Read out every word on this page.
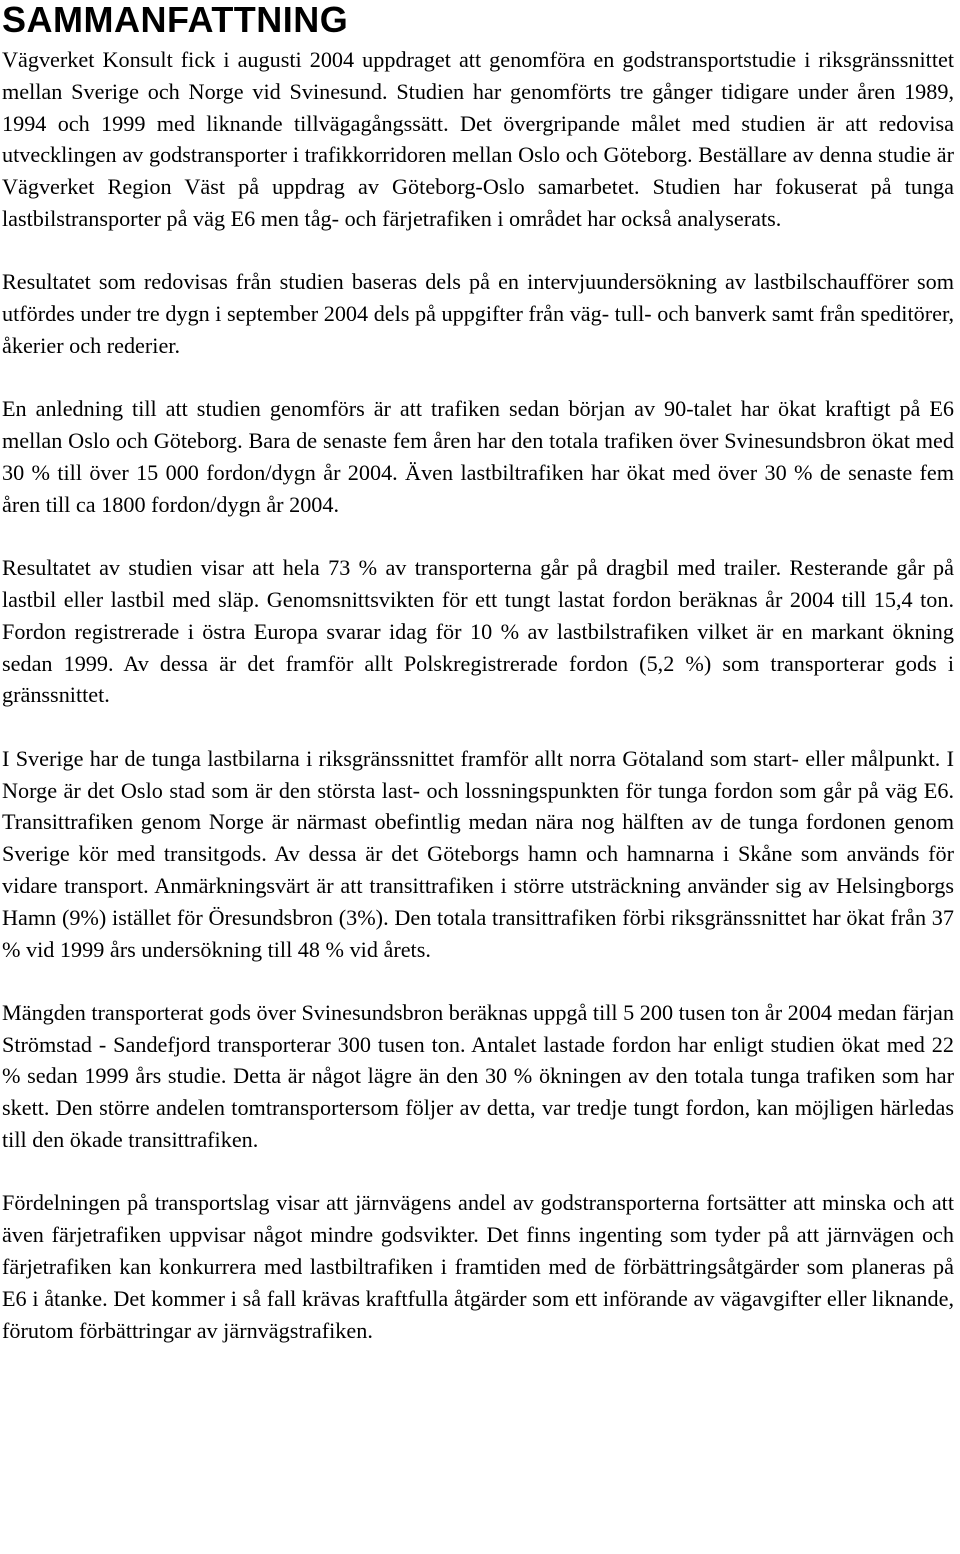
SAMMANFATTNING

Vägverket Konsult fick i augusti 2004 uppdraget att genomföra en godstransportstudie i riksgränssnittet mellan Sverige och Norge vid Svinesund. Studien har genomförts tre gånger tidigare under åren 1989, 1994 och 1999 med liknande tillvägagångssätt. Det övergripande målet med studien är att redovisa utvecklingen av godstransporter i trafikkorridoren mellan Oslo och Göteborg. Beställare av denna studie är Vägverket Region Väst på uppdrag av Göteborg-Oslo samarbetet. Studien har fokuserat på tunga lastbilstransporter på väg E6 men tåg- och färjetrafiken i området har också analyserats.

Resultatet som redovisas från studien baseras dels på en intervjuundersökning av lastbilschaufförer som utfördes under tre dygn i september 2004 dels på uppgifter från väg- tull- och banverk samt från speditörer, åkerier och rederier.

En anledning till att studien genomförs är att trafiken sedan början av 90-talet har ökat kraftigt på E6 mellan Oslo och Göteborg. Bara de senaste fem åren har den totala trafiken över Svinesundsbron ökat med 30 % till över 15 000 fordon/dygn år 2004. Även lastbiltrafiken har ökat med över 30 % de senaste fem åren till ca 1800 fordon/dygn år 2004.

Resultatet av studien visar att hela 73 % av transporterna går på dragbil med trailer. Resterande går på lastbil eller lastbil med släp. Genomsnittsvikten för ett tungt lastat fordon beräknas år 2004 till 15,4 ton. Fordon registrerade i östra Europa svarar idag för 10 % av lastbilstrafiken vilket är en markant ökning sedan 1999. Av dessa är det framför allt Polskregistrerade fordon (5,2 %) som transporterar gods i gränssnittet.

I Sverige har de tunga lastbilarna i riksgränssnittet framför allt norra Götaland som start- eller målpunkt. I Norge är det Oslo stad som är den största last- och lossningspunkten för tunga fordon som går på väg E6. Transittrafiken genom Norge är närmast obefintlig medan nära nog hälften av de tunga fordonen genom Sverige kör med transitgods. Av dessa är det Göteborgs hamn och hamnarna i Skåne som används för vidare transport. Anmärkningsvärt är att transittrafiken i större utsträckning använder sig av Helsingborgs Hamn (9%) istället för Öresundsbron (3%). Den totala transittrafiken förbi riksgränssnittet har ökat från 37 % vid 1999 års undersökning till 48 % vid årets.

Mängden transporterat gods över Svinesundsbron beräknas uppgå till 5 200 tusen ton år 2004 medan färjan Strömstad - Sandefjord transporterar 300 tusen ton. Antalet lastade fordon har enligt studien ökat med 22 % sedan 1999 års studie. Detta är något lägre än den 30 % ökningen av den totala tunga trafiken som har skett. Den större andelen tomtransportersom följer av detta, var tredje tungt fordon, kan möjligen härledas till den ökade transittrafiken.

Fördelningen på transportslag visar att järnvägens andel av godstransporterna fortsätter att minska och att även färjetrafiken uppvisar något mindre godsvikter. Det finns ingenting som tyder på att järnvägen och färjetrafiken kan konkurrera med lastbiltrafiken i framtiden med de förbättringsåtgärder som planeras på E6 i åtanke. Det kommer i så fall krävas kraftfulla åtgärder som ett införande av vägavgifter eller liknande, förutom förbättringar av järnvägstrafiken.
